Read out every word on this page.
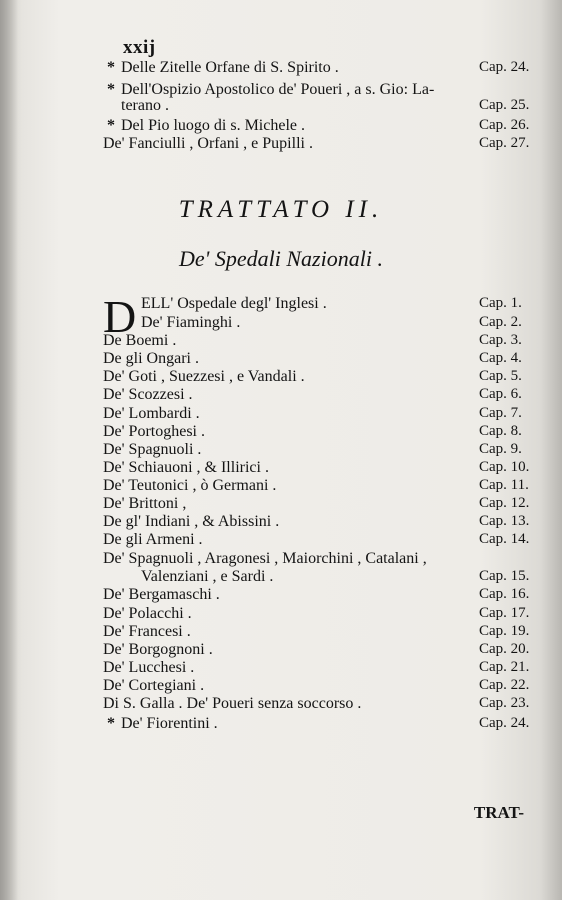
xxij
* Delle Zitelle Orfane di S. Spirito .	Cap. 24.
* Dell'Ospizio Apostolico de' Poueri , a s. Gio: La-
terano .	Cap. 25.
* Del Pio luogo di s. Michele .	Cap. 26.
De' Fanciulli , Orfani , e Pupilli .	Cap. 27.
TRATTATO II.
De' Spedali Nazionali .
D ELL' Ospedale degl' Inglesi .	Cap. 1.
De' Fiaminghi .	Cap. 2.
De Boemi .	Cap. 3.
De gli Ongari .	Cap. 4.
De' Goti , Suezzesi , e Vandali .	Cap. 5.
De' Scozzesi .	Cap. 6.
De' Lombardi .	Cap. 7.
De' Portoghesi .	Cap. 8.
De' Spagnuoli .	Cap. 9.
De' Schiauoni , & Illirici .	Cap. 10.
De' Teutonici , ò Germani .	Cap. 11.
De' Brittoni ,	Cap. 12.
De gl' Indiani , & Abissini .	Cap. 13.
De gli Armeni .	Cap. 14.
De' Spagnuoli , Aragonesi , Maiorchini , Catalani ,
Valenziani , e Sardi .	Cap. 15.
De' Bergamaschi .	Cap. 16.
De' Polacchi .	Cap. 17.
De' Francesi .	Cap. 19.
De' Borgognoni .	Cap. 20.
De' Lucchesi .	Cap. 21.
De' Cortegiani .	Cap. 22.
Di S. Galla . De' Poueri senza soccorso .	Cap. 23.
* De' Fiorentini .	Cap. 24.
TRAT-
